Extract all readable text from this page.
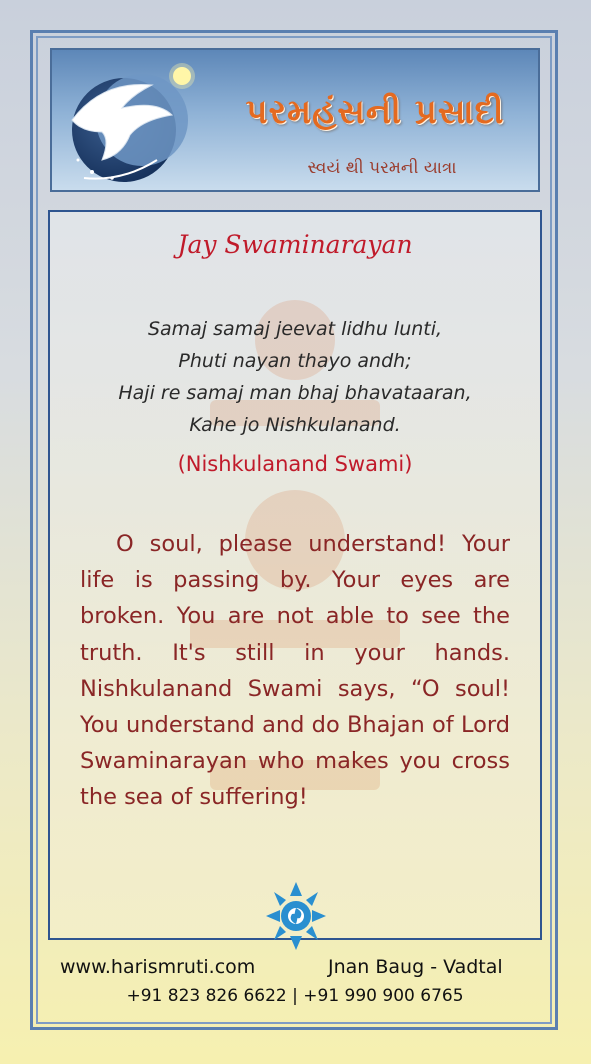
પરમહંસની પ્રસાદી
સ્વયં થી પરમની યાત્રા
Jay Swaminarayan
Samaj samaj jeevat lidhu lunti,
Phuti nayan thayo andh;
Haji re samaj man bhaj bhavataaran,
Kahe jo Nishkulanand.
(Nishkulanand Swami)

O soul, please understand! Your life is passing by. Your eyes are broken. You are not able to see the truth. It's still in your hands. Nishkulanand Swami says, “O soul! You understand and do Bhajan of Lord Swaminarayan who makes you cross the sea of suffering!

www.harismruti.com	Jnan Baug - Vadtal
+91 823 826 6622 | +91 990 900 6765
